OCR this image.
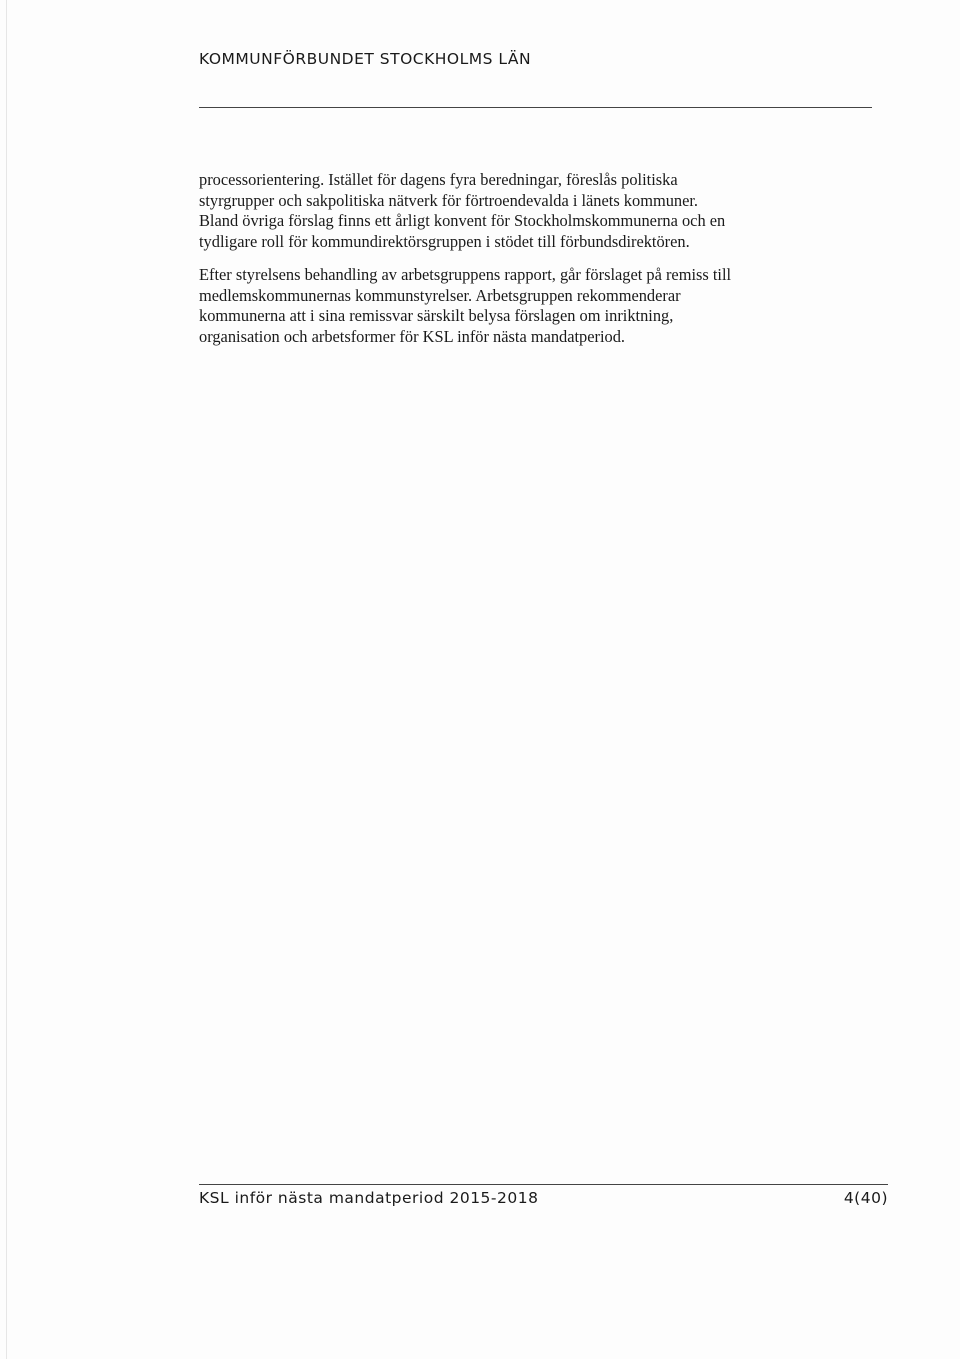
KOMMUNFÖRBUNDET STOCKHOLMS LÄN
processorientering. Istället för dagens fyra beredningar, föreslås politiska
styrgrupper och sakpolitiska nätverk för förtroendevalda i länets kommuner.
Bland övriga förslag finns ett årligt konvent för Stockholmskommunerna och en
tydligare roll för kommundirektörsgruppen i stödet till förbundsdirektören.
Efter styrelsens behandling av arbetsgruppens rapport, går förslaget på remiss till
medlemskommunernas kommunstyrelser. Arbetsgruppen rekommenderar
kommunerna att i sina remissvar särskilt belysa förslagen om inriktning,
organisation och arbetsformer för KSL inför nästa mandatperiod.
KSL inför nästa mandatperiod 2015-2018	4(40)
